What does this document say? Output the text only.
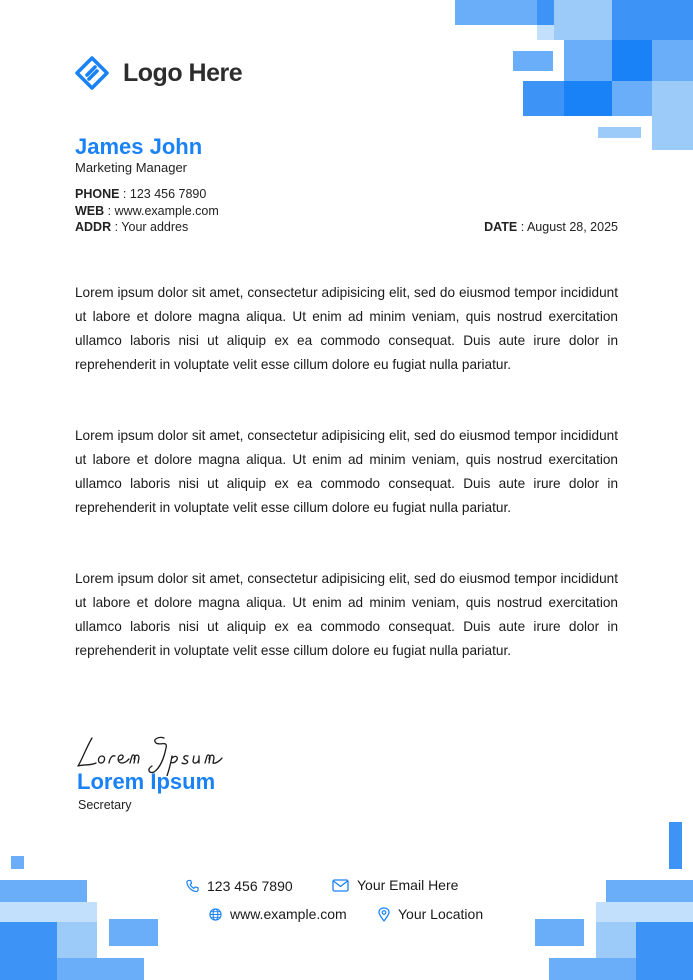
Logo Here
James John
Marketing Manager
PHONE : 123 456 7890
WEB : www.example.com
ADDR : Your addres	DATE : August 28, 2025

Lorem ipsum dolor sit amet, consectetur adipisicing elit, sed do eiusmod tempor incididunt ut labore et dolore magna aliqua. Ut enim ad minim veniam, quis nostrud exercitation ullamco laboris nisi ut aliquip ex ea commodo consequat. Duis aute irure dolor in reprehenderit in voluptate velit esse cillum dolore eu fugiat nulla pariatur.

Lorem ipsum dolor sit amet, consectetur adipisicing elit, sed do eiusmod tempor incididunt ut labore et dolore magna aliqua. Ut enim ad minim veniam, quis nostrud exercitation ullamco laboris nisi ut aliquip ex ea commodo consequat. Duis aute irure dolor in reprehenderit in voluptate velit esse cillum dolore eu fugiat nulla pariatur.

Lorem ipsum dolor sit amet, consectetur adipisicing elit, sed do eiusmod tempor incididunt ut labore et dolore magna aliqua. Ut enim ad minim veniam, quis nostrud exercitation ullamco laboris nisi ut aliquip ex ea commodo consequat. Duis aute irure dolor in reprehenderit in voluptate velit esse cillum dolore eu fugiat nulla pariatur.

Lorem Ipsum
Secretary
123 456 7890	Your Email Here
www.example.com	Your Location
